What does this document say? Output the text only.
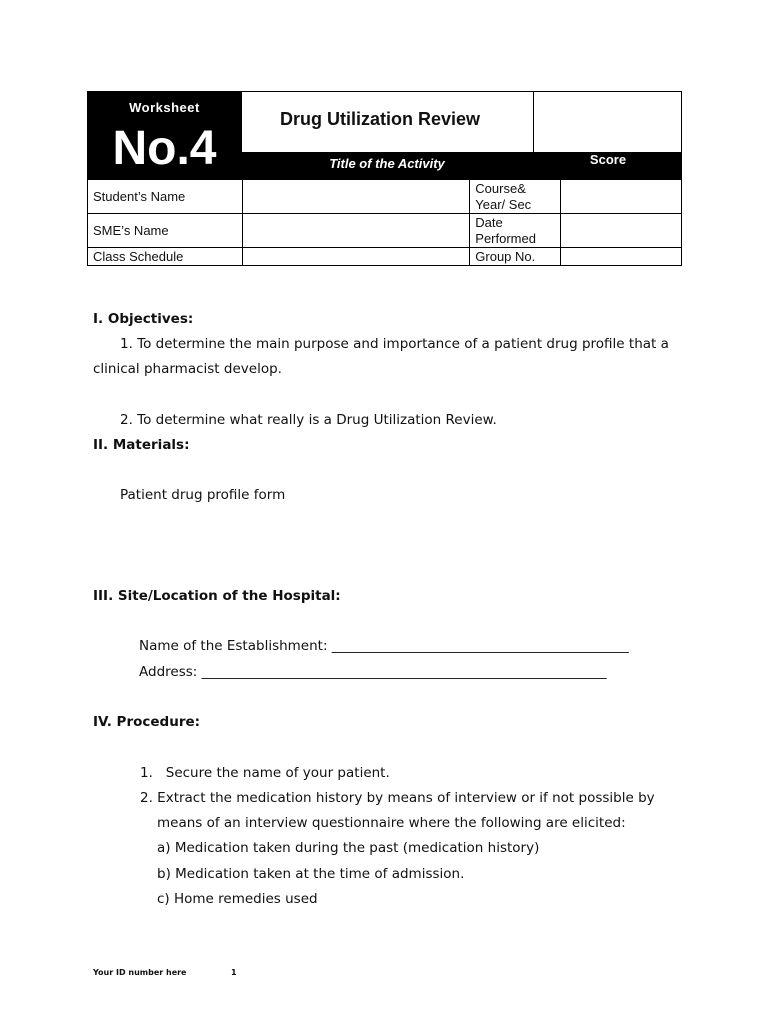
Worksheet
No.4
Drug Utilization Review
Title of the Activity	Score
Student’s Name		Course&
Year/ Sec	

SME’s Name		Date
Performed	

Class Schedule		Group No.	
I. Objectives:
1. To determine the main purpose and importance of a patient drug profile that a
clinical pharmacist develop.
2. To determine what really is a Drug Utilization Review.
II. Materials:
Patient drug profile form
III. Site/Location of the Hospital:
Name of the Establishment: ____________________________________________
Address: ____________________________________________________________
IV. Procedure:
1.   Secure the name of your patient.
2. Extract the medication history by means of interview or if not possible by
means of an interview questionnaire where the following are elicited:
a) Medication taken during the past (medication history)
b) Medication taken at the time of admission.
c) Home remedies used
Your ID number here	1
